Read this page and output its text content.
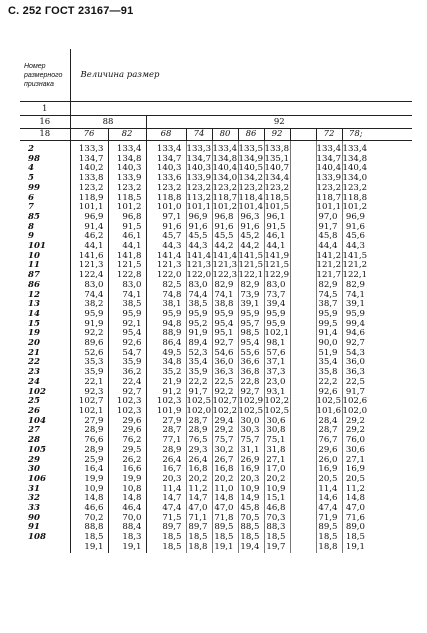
С. 252 ГОСТ 23167—91
Номер размерного признака	Величина размер										
1											
16	88		92								
18	76	82	68	74	80	86	92		72	78;	
2	133,3	133,4	133,4	133,3	133,4	133,5	133,8		133,4	133,4	
98	134,7	134,8	134,7	134,7	134,8	134,9	135,1		134,7	134,8	
4	140,2	140,3	140,3	140,3	140,4	140,5	140,7		140,4	140,4	
5	133,8	133,9	133,6	133,9	134,0	134,2	134,4		133,9	134,0	
99	123,2	123,2	123,2	123,2	123,2	123,2	123,2		123,2	123,2	
6	118,9	118,5	118,8	113,2	118,7	118,4	118,5		118,7	118,8	
7	101,1	101,2	101,0	101,1	101,2	101,4	101,5		101,1	101,2	
85	96,9	96,8	97,1	96,9	96,8	96,3	96,1		97,0	96,9	
8	91,4	91,5	91,6	91,6	91,6	91,6	91,5		91,7	91,6	
9	46,2	46,1	45,7	45,5	45,5	45,2	46,1		45,8	45,6	
101	44,1	44,1	44,3	44,3	44,2	44,2	44,1		44,4	44,3	
10	141,6	141,8	141,4	141,4	141,4	141,5	141,9		141,2	141,5	
11	121,3	121,5	121,3	121,3	121,3	121,5	121,5		121,2	121,2	
87	122,4	122,8	122,0	122,0	122,3	122,1	122,9		121,7	122,1	
86	83,0	83,0	82,5	83,0	82,9	82,9	83,0		82,9	82,9	
12	74,4	74,1	74,8	74,4	74,1	73,9	73,7		74,5	74,1	
13	38,2	38,5	38,1	38,5	38,8	39,1	39,4		38,7	39,1	
14	95,9	95,9	95,9	95,9	95,9	95,9	95,9		95,9	95,9	
15	91,9	92,1	94,8	95,2	95,4	95,7	95,9		99,5	99,4	
19	92,2	95,4	88,9	91,9	95,1	98,5	102,1		91,4	94,6	
20	89,6	92,6	86,4	89,4	92,7	95,4	98,1		90,0	92,7	
21	52,6	54,7	49,5	52,3	54,6	55,6	57,6		51,9	54,3	
22	35,3	35,9	34,8	35,4	36,0	36,6	37,1		35,4	36,0	
23	35,9	36,2	35,2	35,9	36,3	36,8	37,3		35,8	36,3	
24	22,1	22,4	21,9	22,2	22,5	22,8	23,0		22,2	22,5	
102	92,3	92,7	91,2	91,7	92,2	92,7	93,1		92,6	91,7	
25	102,7	102,3	102,3	102,5	102,7	102,9	102,2		102,5	102,6	
26	102,1	102,3	101,9	102,0	102,2	102,5	102,5		101,6	102,0	
104	27,9	29,6	27,9	28,7	29,4	30,0	30,6		28,4	29,2	
27	28,9	29,6	28,7	28,9	29,2	30,3	30,8		28,7	29,2	
28	76,6	76,2	77,1	76,5	75,7	75,7	75,1		76,7	76,0	
105	28,9	29,5	28,9	29,3	30,2	31,1	31,8		29,6	30,6	
29	25,9	26,2	26,4	26,4	26,7	26,9	27,1		26,0	27,1	
30	16,4	16,6	16,7	16,8	16,8	16,9	17,0		16,9	16,9	
106	19,9	19,9	20,3	20,2	20,2	20,3	20,2		20,5	20,5	
31	10,9	10,8	11,4	11,2	11,0	10,9	10,9		11,4	11,2	
32	14,8	14,8	14,7	14,7	14,8	14,9	15,1		14,6	14,8	
33	46,6	46,4	47,4	47,0	47,0	45,8	46,8		47,4	47,0	
90	70,2	70,0	71,5	71,1	71,8	70,5	70,3		71,9	71,6	
91	88,8	88,4	89,7	89,7	89,5	88,5	88,3		89,5	89,0	
108	18,5	18,3	18,5	18,5	18,5	18,5	18,5		18,5	18,5	
	19,1	19,1	18,5	18,8	19,1	19,4	19,7		18,8	19,1	
